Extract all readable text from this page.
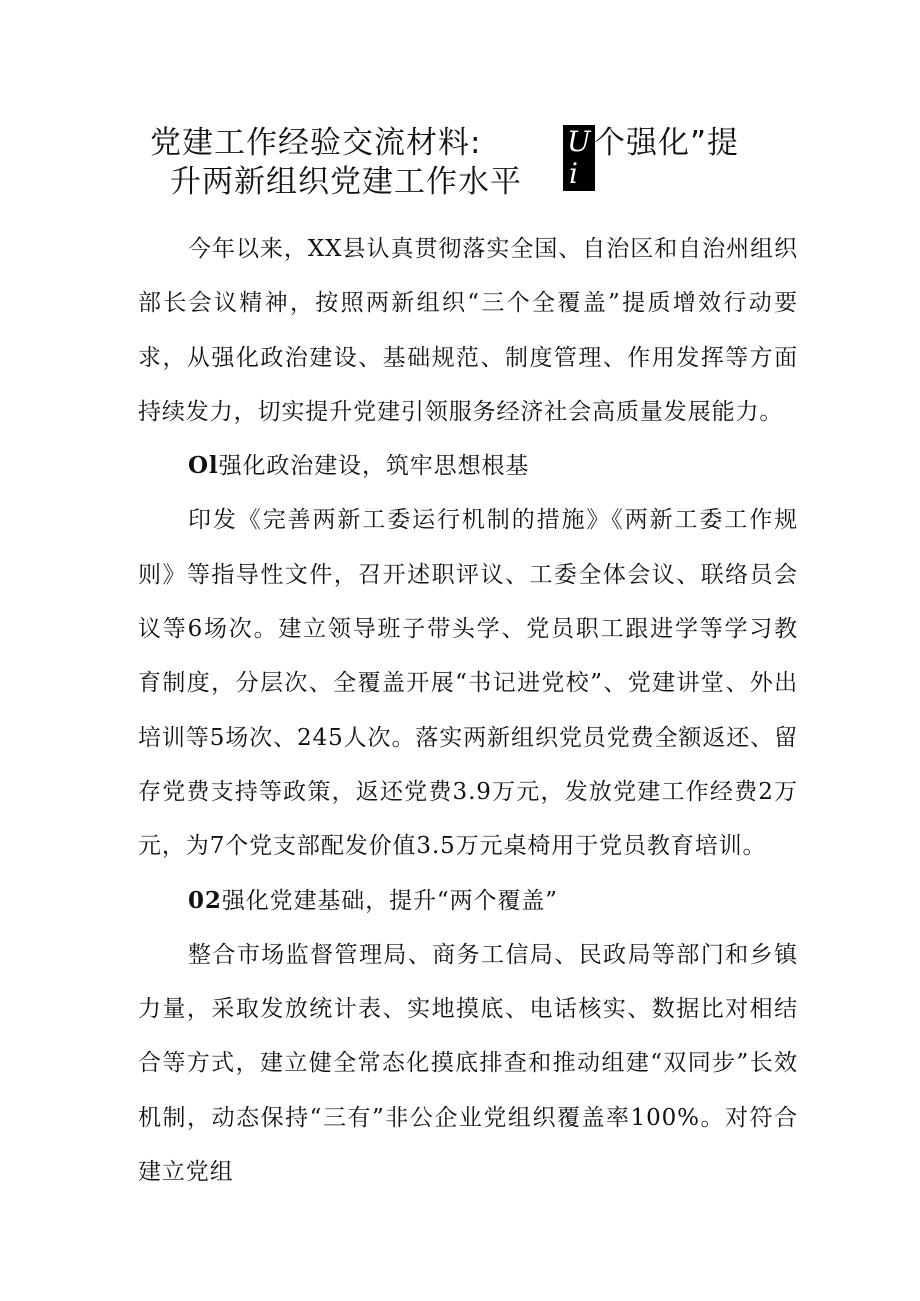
党建工作经验交流材料:	U
i
个强化”提
升两新组织党建工作水平

今年以来，XX县认真贯彻落实全国、自治区和自治州组织部长会议精神，按照两新组织“三个全覆盖”提质增效行动要求，从强化政治建设、基础规范、制度管理、作用发挥等方面持续发力，切实提升党建引领服务经济社会高质量发展能力。

Ol强化政治建设，筑牢思想根基

印发《完善两新工委运行机制的措施》《两新工委工作规则》等指导性文件，召开述职评议、工委全体会议、联络员会议等6场次。建立领导班子带头学、党员职工跟进学等学习教育制度，分层次、全覆盖开展“书记进党校”、党建讲堂、外出培训等5场次、245人次。落实两新组织党员党费全额返还、留存党费支持等政策，返还党费3.9万元，发放党建工作经费2万元，为7个党支部配发价值3.5万元桌椅用于党员教育培训。

02强化党建基础，提升“两个覆盖”

整合市场监督管理局、商务工信局、民政局等部门和乡镇力量，采取发放统计表、实地摸底、电话核实、数据比对相结合等方式，建立健全常态化摸底排查和推动组建“双同步”长效机制，动态保持“三有”非公企业党组织覆盖率100%。对符合建立党组
